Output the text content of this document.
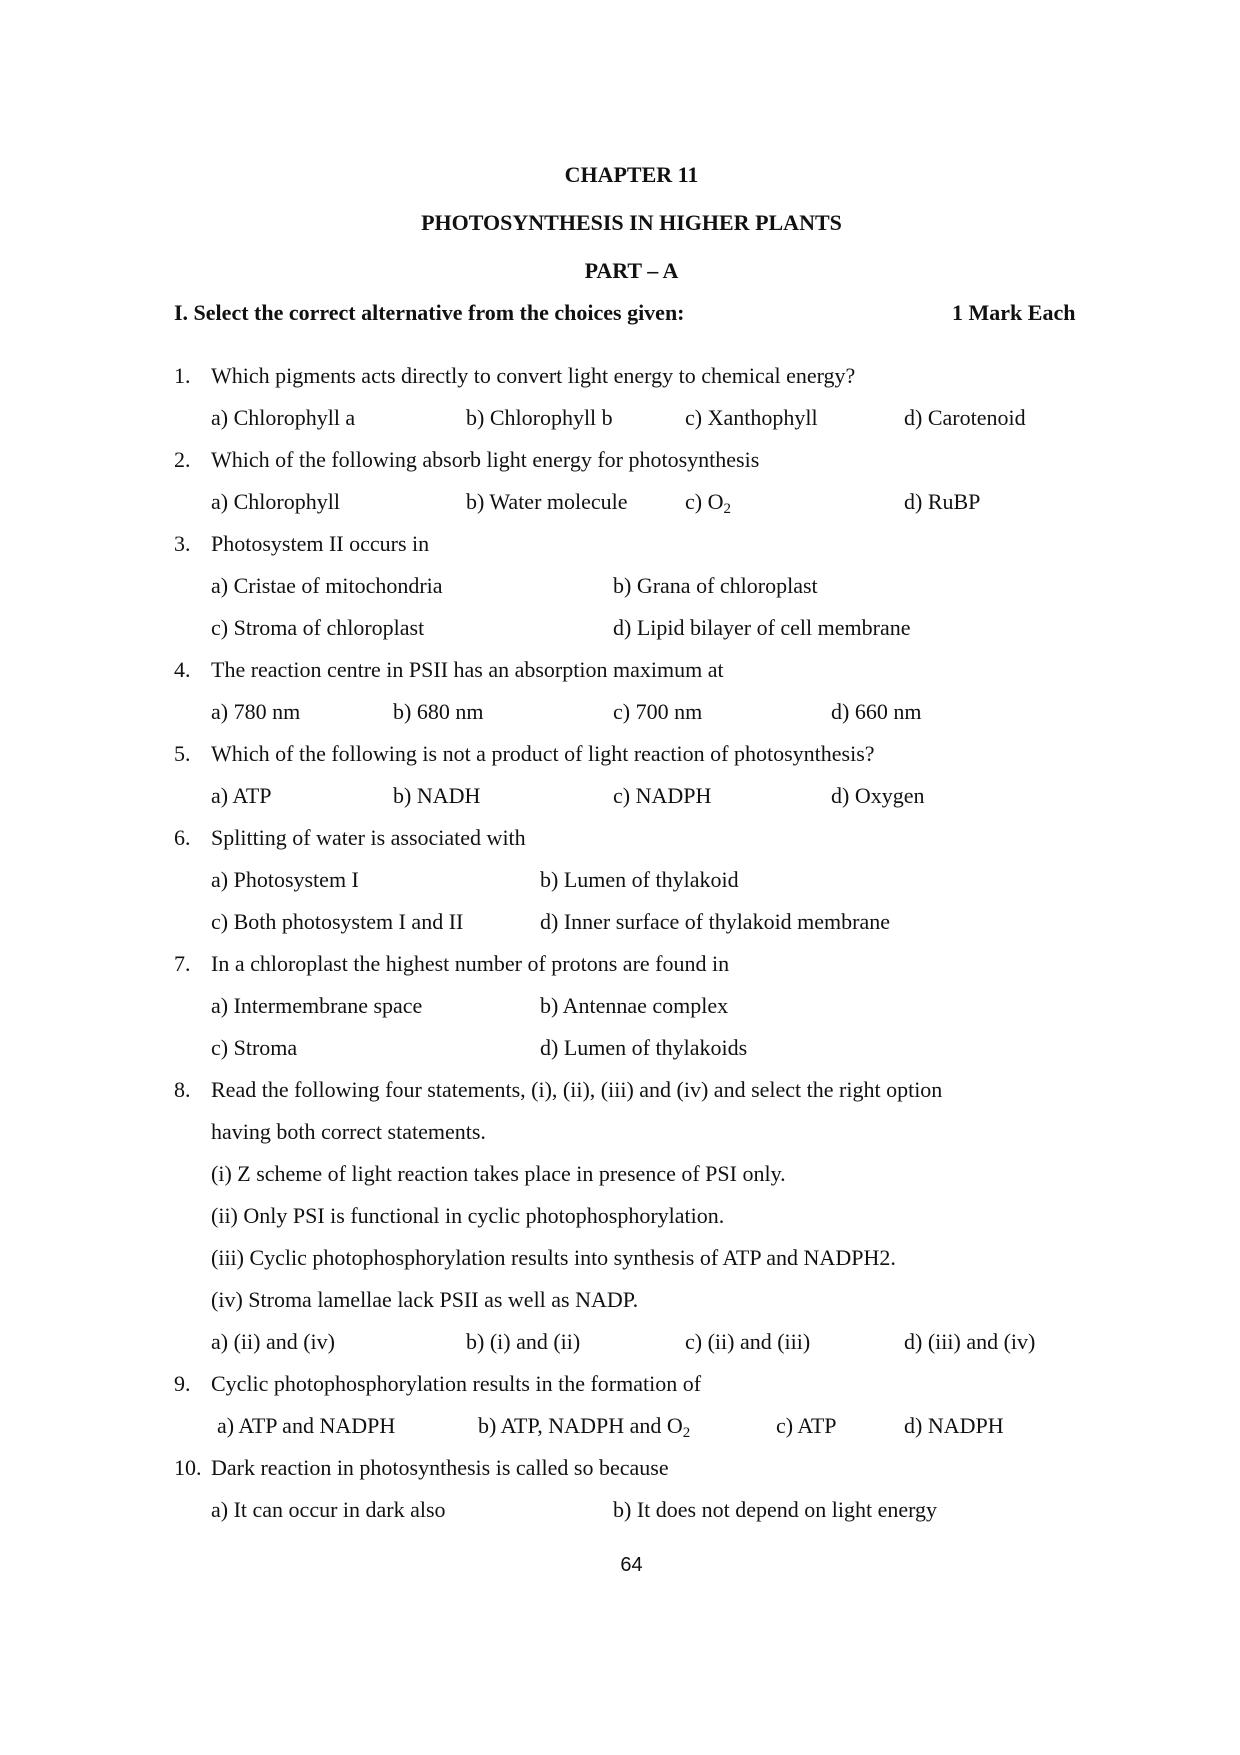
CHAPTER 11
PHOTOSYNTHESIS IN HIGHER PLANTS
PART – A
I. Select the correct alternative from the choices given:	1 Mark Each
1. Which pigments acts directly to convert light energy to chemical energy?
a) Chlorophyll a	b) Chlorophyll b	c) Xanthophyll	d) Carotenoid
2. Which of the following absorb light energy for photosynthesis
a) Chlorophyll	b) Water molecule	c) $O_2$	d) RuBP
3. Photosystem II occurs in
a) Cristae of mitochondria	b) Grana of chloroplast
c) Stroma of chloroplast	d) Lipid bilayer of cell membrane
4. The reaction centre in PSII has an absorption maximum at
a) 780 nm	b) 680 nm	c) 700 nm	d) 660 nm
5. Which of the following is not a product of light reaction of photosynthesis?
a) ATP	b) NADH	c) NADPH	d) Oxygen
6. Splitting of water is associated with
a) Photosystem I	b) Lumen of thylakoid
c) Both photosystem I and II	d) Inner surface of thylakoid membrane
7. In a chloroplast the highest number of protons are found in
a) Intermembrane space	b) Antennae complex
c) Stroma	d) Lumen of thylakoids
8. Read the following four statements, (i), (ii), (iii) and (iv) and select the right option
having both correct statements.
(i) Z scheme of light reaction takes place in presence of PSI only.
(ii) Only PSI is functional in cyclic photophosphorylation.
(iii) Cyclic photophosphorylation results into synthesis of ATP and NADPH2.
(iv) Stroma lamellae lack PSII as well as NADP.
a) (ii) and (iv)	b) (i) and (ii)	c) (ii) and (iii)	d) (iii) and (iv)
9. Cyclic photophosphorylation results in the formation of
a) ATP and NADPH	b) ATP, NADPH and $O_2$	c) ATP	d) NADPH
10. Dark reaction in photosynthesis is called so because
a) It can occur in dark also	b) It does not depend on light energy
64
